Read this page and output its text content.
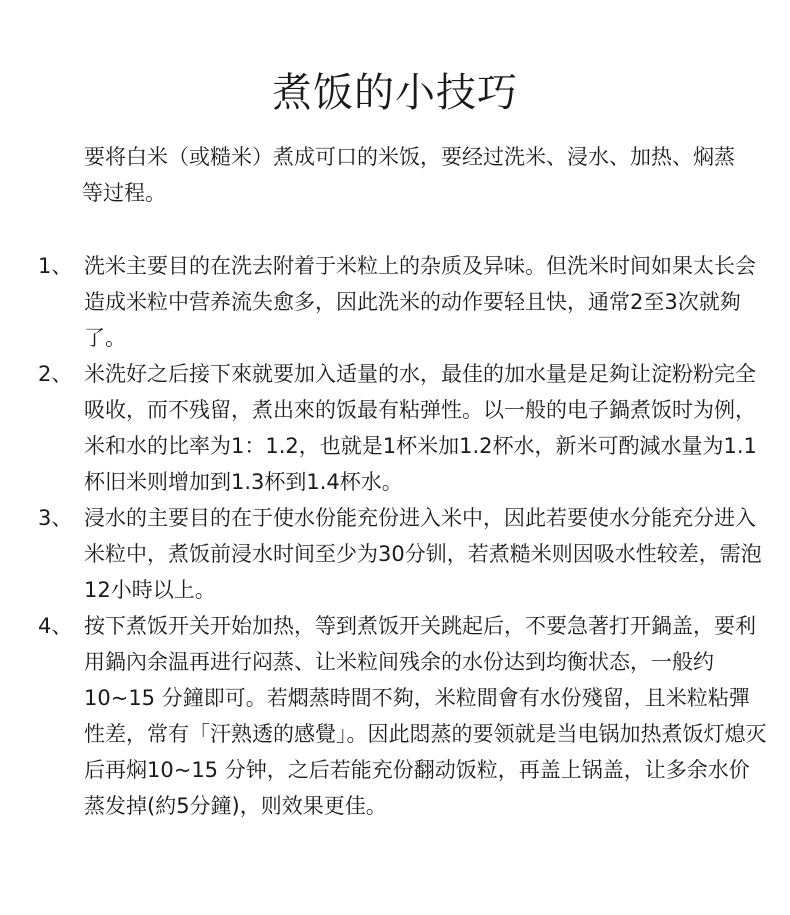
煮饭的小技巧

要将白米（或糙米）煮成可口的米饭，要经过洗米、浸水、加热、焖蒸等过程。

1、 洗米主要目的在洗去附着于米粒上的杂质及异味。但洗米时间如果太长会造成米粒中营养流失愈多，因此洗米的动作要轻且快，通常2至3次就夠了。
2、 米洗好之后接下來就要加入适量的水，最佳的加水量是足夠让淀粉粉完全吸收，而不残留，煮出來的饭最有粘弹性。以一般的电子鍋煮饭时为例，米和水的比率为1：1.2，也就是1杯米加1.2杯水，新米可酌減水量为1.1杯旧米则增加到1.3杯到1.4杯水。
3、 浸水的主要目的在于使水份能充份进入米中，因此若要使水分能充分进入 米粒中，煮饭前浸水时间至少为30分钏，若煮糙米则因吸水性较差，需泡12小時以上。
4、 按下煮饭开关开始加热，等到煮饭开关跳起后，不要急著打开鍋盖，要利用鍋內余温再进行闷蒸、让米粒间残余的水份达到均衡状态，一般约10~15 分鐘即可。若燜蒸時間不夠，米粒間會有水份殘留，且米粒粘彈性差，常有「汗熟透的感覺」。因此悶蒸的要领就是当电锅加热煮饭灯熄灭后再焖10~15 分钟，之后若能充份翻动饭粒，再盖上锅盖，让多余水价蒸发掉(約5分鐘)，则效果更佳。
